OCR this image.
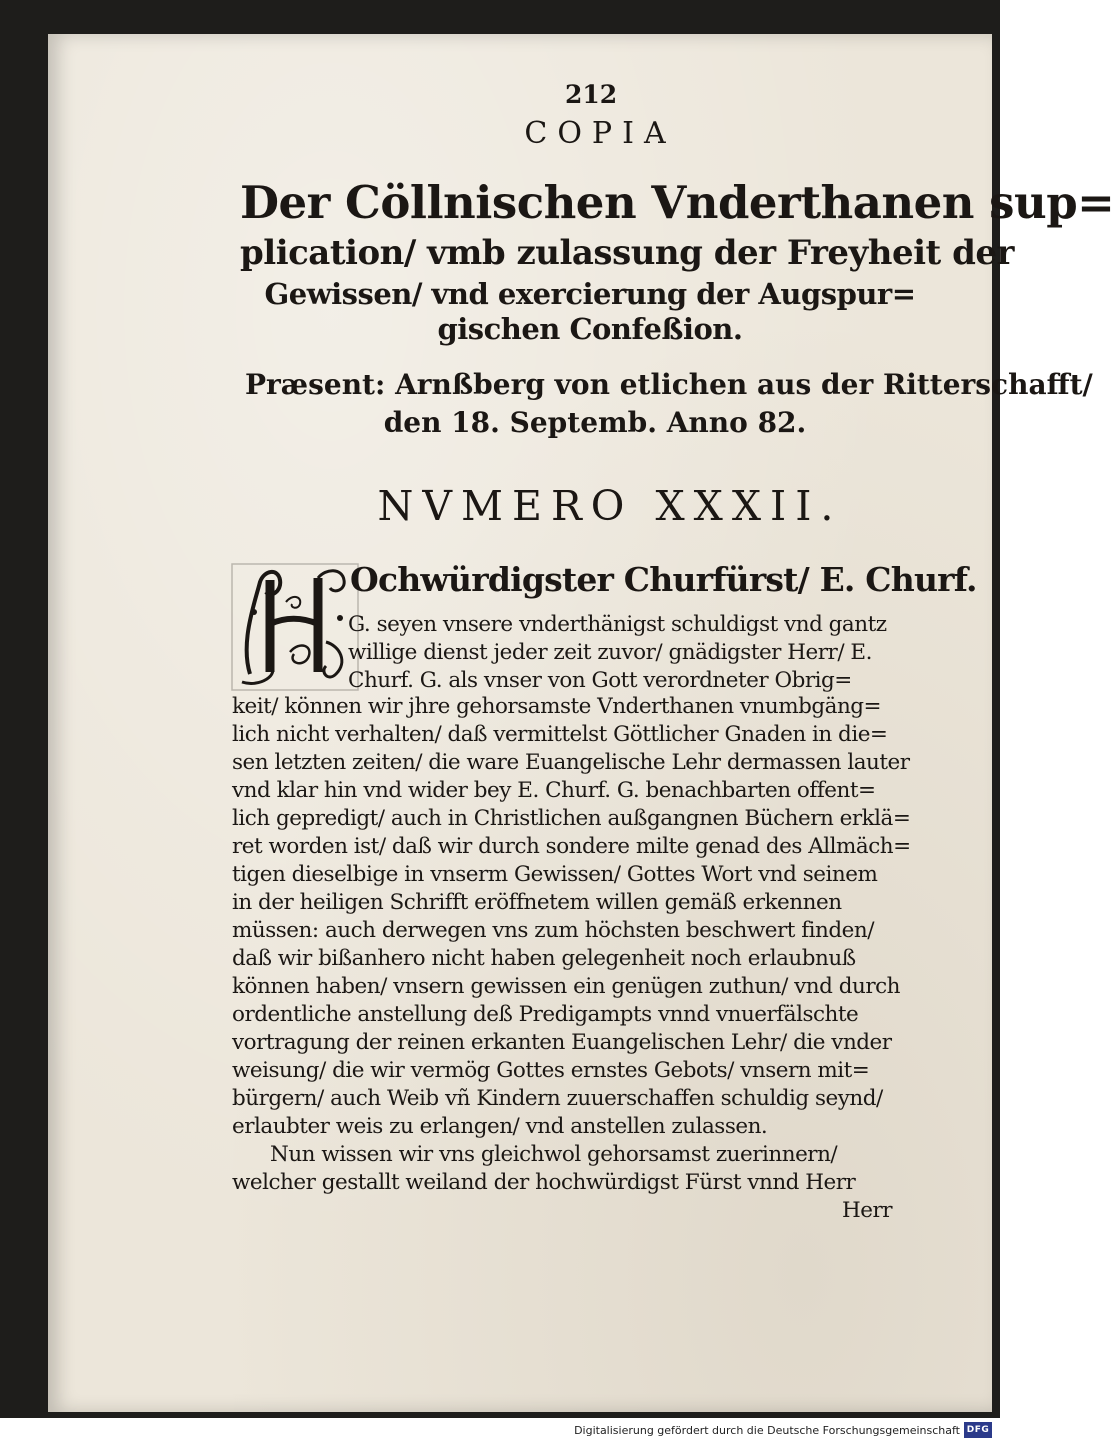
212
COPIA
Der Cöllnischen Vnderthanen sup=
plication/ vmb zulassung der Freyheit der
Gewissen/ vnd exercierung der Augspur=
gischen Confeßion.
Præsent: Arnßberg von etlichen aus der Ritterschafft/
den 18. Septemb. Anno 82.
NVMERO XXXII.
Ochwürdigster Churfürst/ E. Churf.
G. seyen vnsere vnderthänigst schuldigst vnd gantz
willige dienst jeder zeit zuvor/ gnädigster Herr/ E.
Churf. G. als vnser von Gott verordneter Obrig=
keit/ können wir jhre gehorsamste Vnderthanen vnumbgäng=
lich nicht verhalten/ daß vermittelst Göttlicher Gnaden in die=
sen letzten zeiten/ die ware Euangelische Lehr dermassen lauter
vnd klar hin vnd wider bey E. Churf. G. benachbarten offent=
lich gepredigt/ auch in Christlichen außgangnen Büchern erklä=
ret worden ist/ daß wir durch sondere milte genad des Allmäch=
tigen dieselbige in vnserm Gewissen/ Gottes Wort vnd seinem
in der heiligen Schrifft eröffnetem willen gemäß erkennen
müssen: auch derwegen vns zum höchsten beschwert finden/
daß wir bißanhero nicht haben gelegenheit noch erlaubnuß
können haben/ vnsern gewissen ein genügen zuthun/ vnd durch
ordentliche anstellung deß Predigampts vnnd vnuerfälschte
vortragung der reinen erkanten Euangelischen Lehr/ die vnder
weisung/ die wir vermög Gottes ernstes Gebots/ vnsern mit=
bürgern/ auch Weib vñ Kindern zuuerschaffen schuldig seynd/
erlaubter weis zu erlangen/ vnd anstellen zulassen.
Nun wissen wir vns gleichwol gehorsamst zuerinnern/
welcher gestallt weiland der hochwürdigst Fürst vnnd Herr
Herr
Digitalisierung gefördert durch die Deutsche Forschungsgemeinschaft DFG
